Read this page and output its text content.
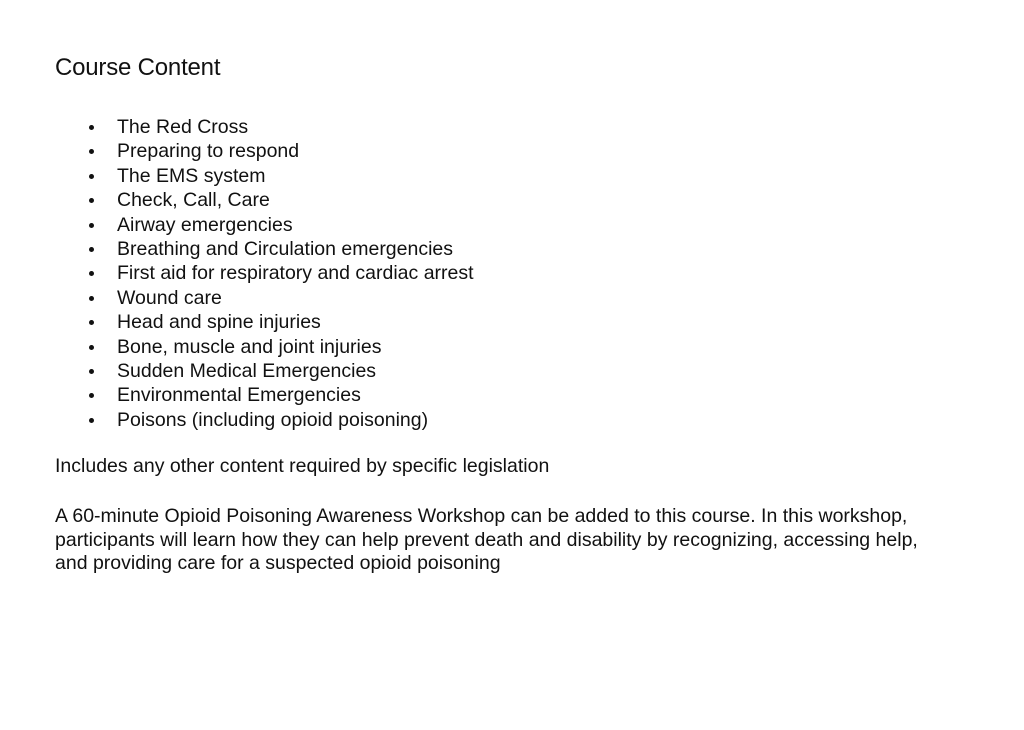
Course Content
The Red Cross
Preparing to respond
The EMS system
Check, Call, Care
Airway emergencies
Breathing and Circulation emergencies
First aid for respiratory and cardiac arrest
Wound care
Head and spine injuries
Bone, muscle and joint injuries
Sudden Medical Emergencies
Environmental Emergencies
Poisons (including opioid poisoning)

Includes any other content required by specific legislation

A 60-minute Opioid Poisoning Awareness Workshop can be added to this course. In this workshop,
participants will learn how they can help prevent death and disability by recognizing, accessing help,
and providing care for a suspected opioid poisoning
